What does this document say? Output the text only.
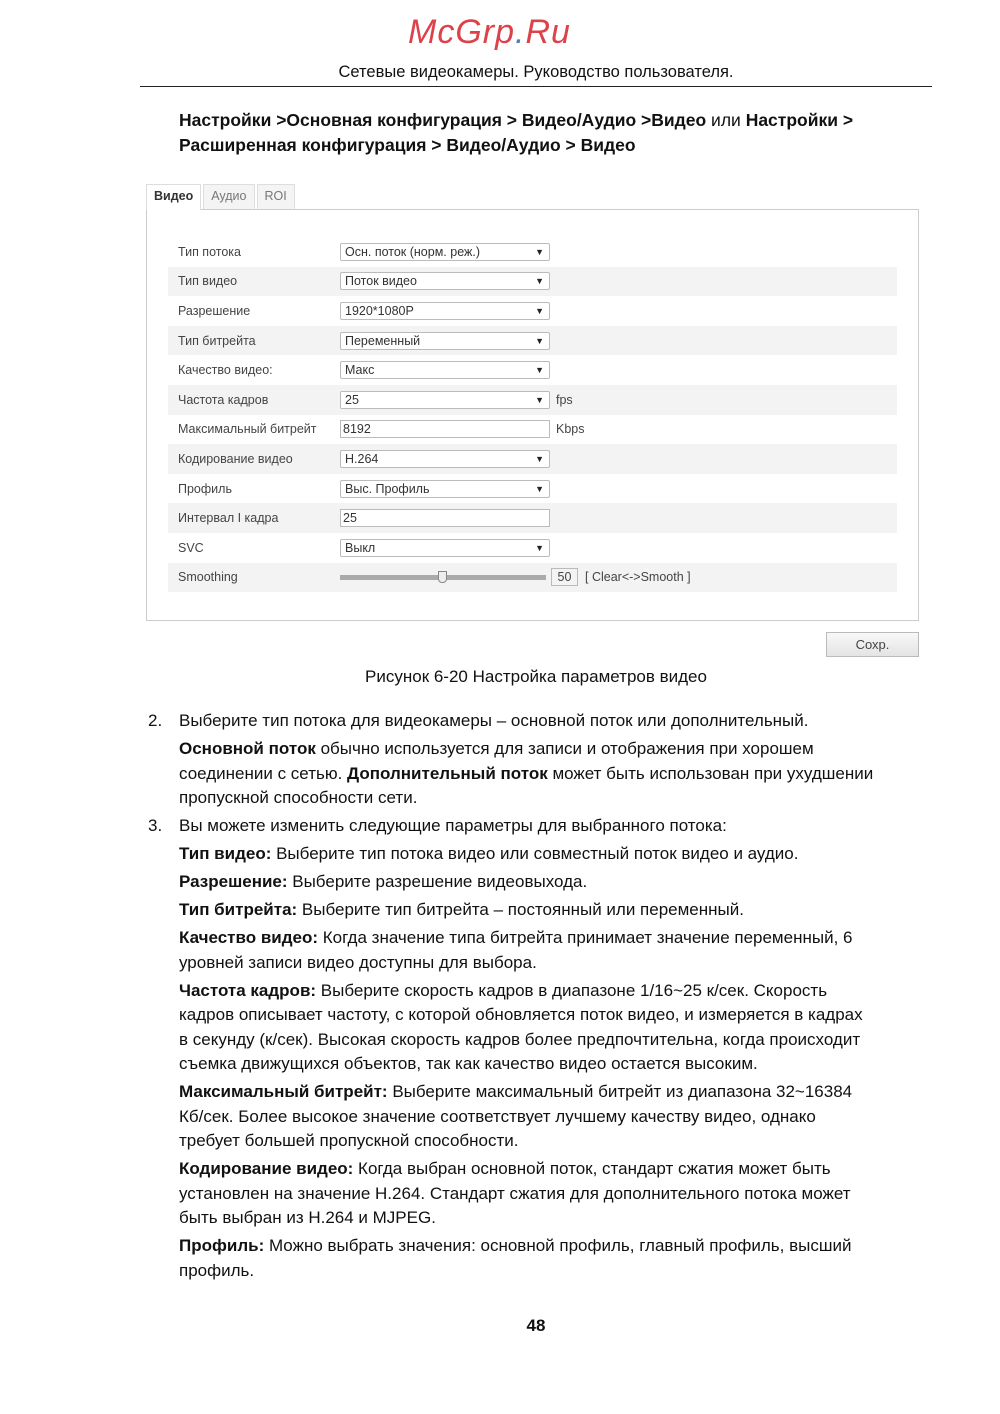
McGrp.Ru
Сетевые видеокамеры. Руководство пользователя.
Настройки >Основная конфигурация > Видео/Аудио >Видео или Настройки >
Расширенная конфигурация > Видео/Аудио > Видео
Видео	Аудио	ROI
Тип потока	Осн. поток (норм. реж.)	▼
Тип видео	Поток видео	▼
Разрешение	1920*1080P	▼
Тип битрейта	Переменный	▼
Качество видео:	Макс	▼
Частота кадров	25	▼ fps
Максимальный битрейт 8192	Kbps
Кодирование видео	H.264	▼
Профиль	Выс. Профиль	▼
Интервал I кадра	25
SVC	Выкл	▼
Smoothing	50	[ Clear<->Smooth ]
Сохр.
Рисунок 6-20 Настройка параметров видео
2. Выберите тип потока для видеокамеры – основной поток или дополнительный.
Основной поток обычно используется для записи и отображения при хорошем
соединении с сетью. Дополнительный поток может быть использован при ухудшении
пропускной способности сети.
3. Вы можете изменить следующие параметры для выбранного потока:
Тип видео: Выберите тип потока видео или совместный поток видео и аудио.
Разрешение: Выберите разрешение видеовыхода.
Тип битрейта: Выберите тип битрейта – постоянный или переменный.
Качество видео: Когда значение типа битрейта принимает значение переменный, 6
уровней записи видео доступны для выбора.
Частота кадров: Выберите скорость кадров в диапазоне 1/16~25 к/сек. Скорость
кадров описывает частоту, с которой обновляется поток видео, и измеряется в кадрах
в секунду (к/сек). Высокая скорость кадров более предпочтительна, когда происходит
съемка движущихся объектов, так как качество видео остается высоким.
Максимальный битрейт: Выберите максимальный битрейт из диапазона 32~16384
Кб/сек. Более высокое значение соответствует лучшему качеству видео, однако
требует большей пропускной способности.
Кодирование видео: Когда выбран основной поток, стандарт сжатия может быть
установлен на значение H.264. Стандарт сжатия для дополнительного потока может
быть выбран из H.264 и MJPEG.
Профиль: Можно выбрать значения: основной профиль, главный профиль, высший
профиль.
48
